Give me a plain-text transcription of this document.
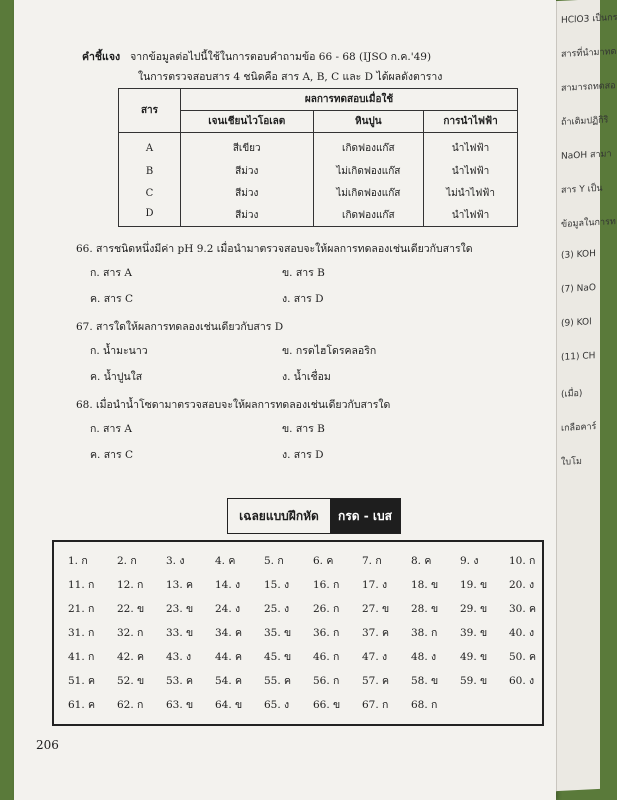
คำชี้แจง จากข้อมูลต่อไปนี้ใช้ในการตอบคำถามข้อ 66 - 68 (IJSO ก.ค.'49)
ในการตรวจสอบสาร 4 ชนิดคือ สาร A, B, C และ D ได้ผลดังตาราง
สาร	ผลการทดสอบเมื่อใช้		
	เจนเชียนไวโอเลต	หินปูน	การนำไฟฟ้า
A	สีเขียว	เกิดฟองแก๊ส	นำไฟฟ้า
B	สีม่วง	ไม่เกิดฟองแก๊ส	นำไฟฟ้า
C	สีม่วง	ไม่เกิดฟองแก๊ส	ไม่นำไฟฟ้า
D	สีม่วง	เกิดฟองแก๊ส	นำไฟฟ้า
66. สารชนิดหนึ่งมีค่า pH 9.2 เมื่อนำมาตรวจสอบจะให้ผลการทดลองเช่นเดียวกับสารใด
ก. สาร A	ข. สาร B
ค. สาร C	ง. สาร D
67. สารใดให้ผลการทดลองเช่นเดียวกับสาร D
ก. น้ำมะนาว	ข. กรดไฮโดรคลอริก
ค. น้ำปูนใส	ง. น้ำเชื่อม
68. เมื่อนำน้ำโซดามาตรวจสอบจะให้ผลการทดลองเช่นเดียวกับสารใด
ก. สาร A	ข. สาร B
ค. สาร C	ง. สาร D
เฉลยแบบฝึกหัด	กรด - เบส
1. ก	2. ก	3. ง	4. ค	5. ก	6. ค	7. ก	8. ค	9. ง	10. ก
11. ก	12. ก	13. ค	14. ง	15. ง	16. ก	17. ง	18. ข	19. ข	20. ง
21. ก	22. ข	23. ข	24. ง	25. ง	26. ก	27. ข	28. ข	29. ข	30. ค
31. ก	32. ก	33. ข	34. ค	35. ข	36. ก	37. ค	38. ก	39. ข	40. ง
41. ก	42. ค	43. ง	44. ค	45. ข	46. ก	47. ง	48. ง	49. ข	50. ค
51. ค	52. ข	53. ค	54. ค	55. ค	56. ก	57. ค	58. ข	59. ข	60. ง
61. ค	62. ก	63. ข	64. ข	65. ง	66. ข	67. ก	68. ก
206
HClO3 เป็นกร
สารที่นำมาทด
สามารถทดสอ
ถ้าเติมปฏิกิริ
NaOH สามา
สาร Y เป็น
ข้อมูลในการท
(3) KOH
(7) NaO
(9) KOl
(11) CH
(เมื่อ)
เกลือคาร์
ใบโม
